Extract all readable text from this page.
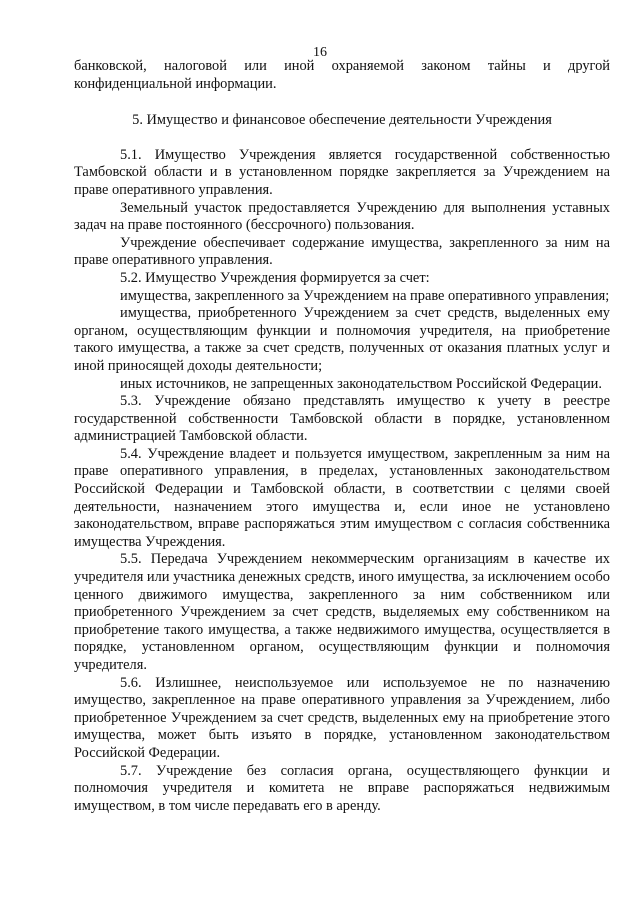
16

банковской, налоговой или иной охраняемой законом тайны и другой конфиденциальной информации.

5. Имущество и финансовое обеспечение деятельности Учреждения

5.1. Имущество Учреждения является государственной собственностью Тамбовской области и в установленном порядке закрепляется за Учреждением на праве оперативного управления.

Земельный участок предоставляется Учреждению для выполнения уставных задач на праве постоянного (бессрочного) пользования.

Учреждение обеспечивает содержание имущества, закрепленного за ним на праве оперативного управления.

5.2. Имущество Учреждения формируется за счет:

имущества, закрепленного за Учреждением на праве оперативного управления;

имущества, приобретенного Учреждением за счет средств, выделенных ему органом, осуществляющим функции и полномочия учредителя, на приобретение такого имущества, а также за счет средств, полученных от оказания платных услуг и иной приносящей доходы деятельности;

иных источников, не запрещенных законодательством Российской Федерации.

5.3. Учреждение обязано представлять имущество к учету в реестре государственной собственности Тамбовской области в порядке, установленном администрацией Тамбовской области.

5.4. Учреждение владеет и пользуется имуществом, закрепленным за ним на праве оперативного управления, в пределах, установленных законодательством Российской Федерации и Тамбовской области, в соответствии с целями своей деятельности, назначением этого имущества и, если иное не установлено законодательством, вправе распоряжаться этим имуществом с согласия собственника имущества Учреждения.

5.5. Передача Учреждением некоммерческим организациям в качестве их учредителя или участника денежных средств, иного имущества, за исключением особо ценного движимого имущества, закрепленного за ним собственником или приобретенного Учреждением за счет средств, выделяемых ему собственником на приобретение такого имущества, а также недвижимого имущества, осуществляется в порядке, установленном органом, осуществляющим функции и полномочия учредителя.

5.6. Излишнее, неиспользуемое или используемое не по назначению имущество, закрепленное на праве оперативного управления за Учреждением, либо приобретенное Учреждением за счет средств, выделенных ему на приобретение этого имущества, может быть изъято в порядке, установленном законодательством Российской Федерации.

5.7. Учреждение без согласия органа, осуществляющего функции и полномочия учредителя и комитета не вправе распоряжаться недвижимым имуществом, в том числе передавать его в аренду.
